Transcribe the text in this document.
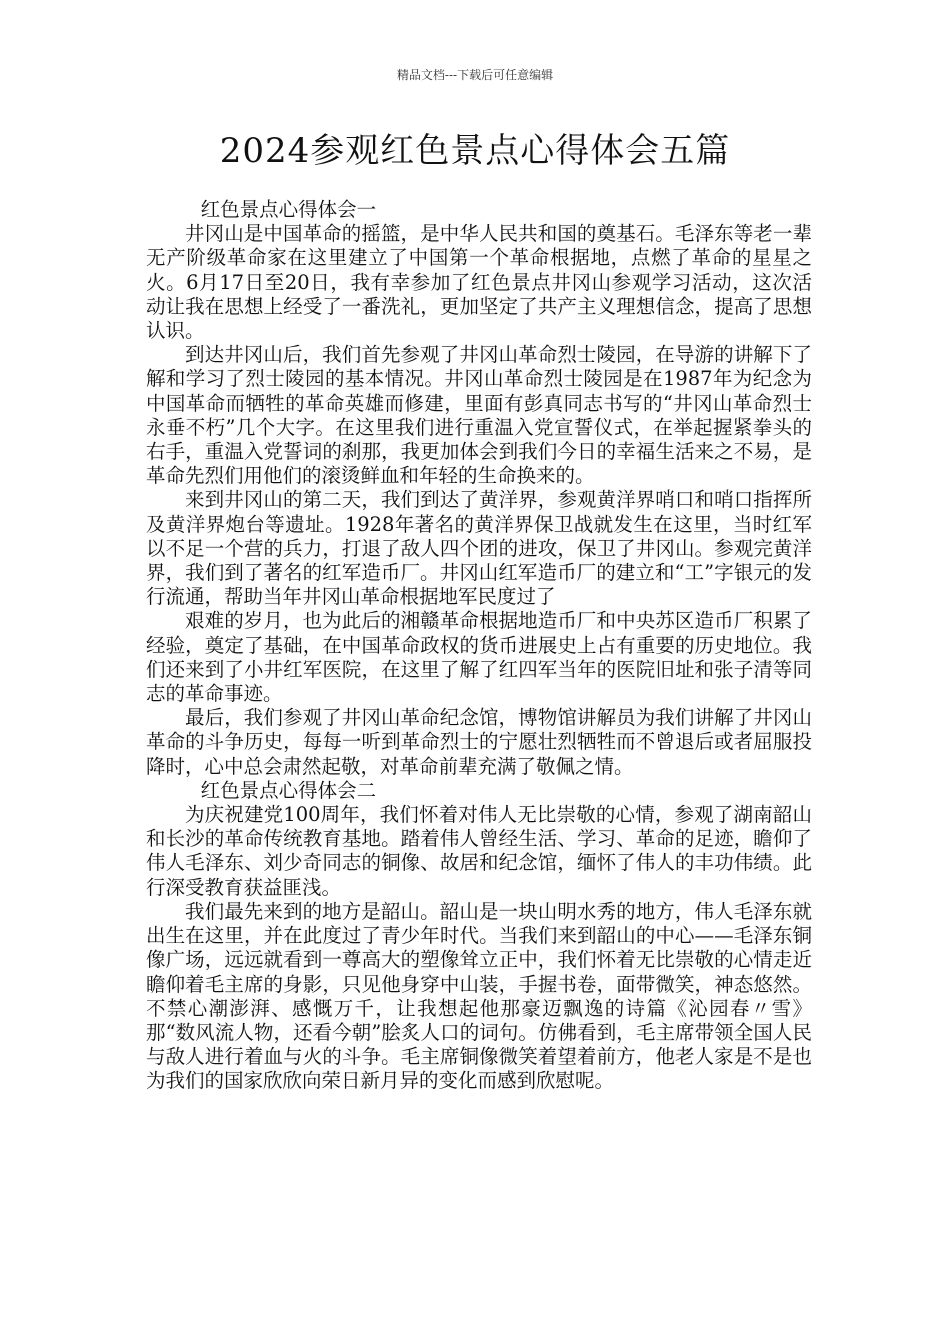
精品文档---下载后可任意编辑
2024参观红色景点心得体会五篇

红色景点心得体会一

井冈山是中国革命的摇篮，是中华人民共和国的奠基石。毛泽东等老一辈无产阶级革命家在这里建立了中国第一个革命根据地，点燃了革命的星星之火。6月17日至20日，我有幸参加了红色景点井冈山参观学习活动，这次活动让我在思想上经受了一番洗礼，更加坚定了共产主义理想信念，提高了思想认识。

到达井冈山后，我们首先参观了井冈山革命烈士陵园，在导游的讲解下了解和学习了烈士陵园的基本情况。井冈山革命烈士陵园是在1987年为纪念为中国革命而牺牲的革命英雄而修建，里面有彭真同志书写的“井冈山革命烈士永垂不朽”几个大字。在这里我们进行重温入党宣誓仪式，在举起握紧拳头的右手，重温入党誓词的刹那，我更加体会到我们今日的幸福生活来之不易，是革命先烈们用他们的滚烫鲜血和年轻的生命换来的。

来到井冈山的第二天，我们到达了黄洋界，参观黄洋界哨口和哨口指挥所及黄洋界炮台等遗址。1928年著名的黄洋界保卫战就发生在这里，当时红军以不足一个营的兵力，打退了敌人四个团的进攻，保卫了井冈山。参观完黄洋界，我们到了著名的红军造币厂。井冈山红军造币厂的建立和“工”字银元的发行流通，帮助当年井冈山革命根据地军民度过了

艰难的岁月，也为此后的湘赣革命根据地造币厂和中央苏区造币厂积累了经验，奠定了基础，在中国革命政权的货币进展史上占有重要的历史地位。我们还来到了小井红军医院，在这里了解了红四军当年的医院旧址和张子清等同志的革命事迹。

最后，我们参观了井冈山革命纪念馆，博物馆讲解员为我们讲解了井冈山革命的斗争历史，每每一听到革命烈士的宁愿壮烈牺牲而不曾退后或者屈服投降时，心中总会肃然起敬，对革命前辈充满了敬佩之情。

红色景点心得体会二

为庆祝建党100周年，我们怀着对伟人无比崇敬的心情，参观了湖南韶山和长沙的革命传统教育基地。踏着伟人曾经生活、学习、革命的足迹，瞻仰了伟人毛泽东、刘少奇同志的铜像、故居和纪念馆，缅怀了伟人的丰功伟绩。此行深受教育获益匪浅。

我们最先来到的地方是韶山。韶山是一块山明水秀的地方，伟人毛泽东就出生在这里，并在此度过了青少年时代。当我们来到韶山的中心——毛泽东铜像广场，远远就看到一尊高大的塑像耸立正中，我们怀着无比崇敬的心情走近瞻仰着毛主席的身影，只见他身穿中山装，手握书卷，面带微笑，神态悠然。不禁心潮澎湃、感慨万千，让我想起他那豪迈飘逸的诗篇《沁园春〃雪》那“数风流人物，还看今朝”脍炙人口的词句。仿佛看到，毛主席带领全国人民与敌人进行着血与火的斗争。毛主席铜像微笑着望着前方，他老人家是不是也为我们的国家欣欣向荣日新月异的变化而感到欣慰呢。
